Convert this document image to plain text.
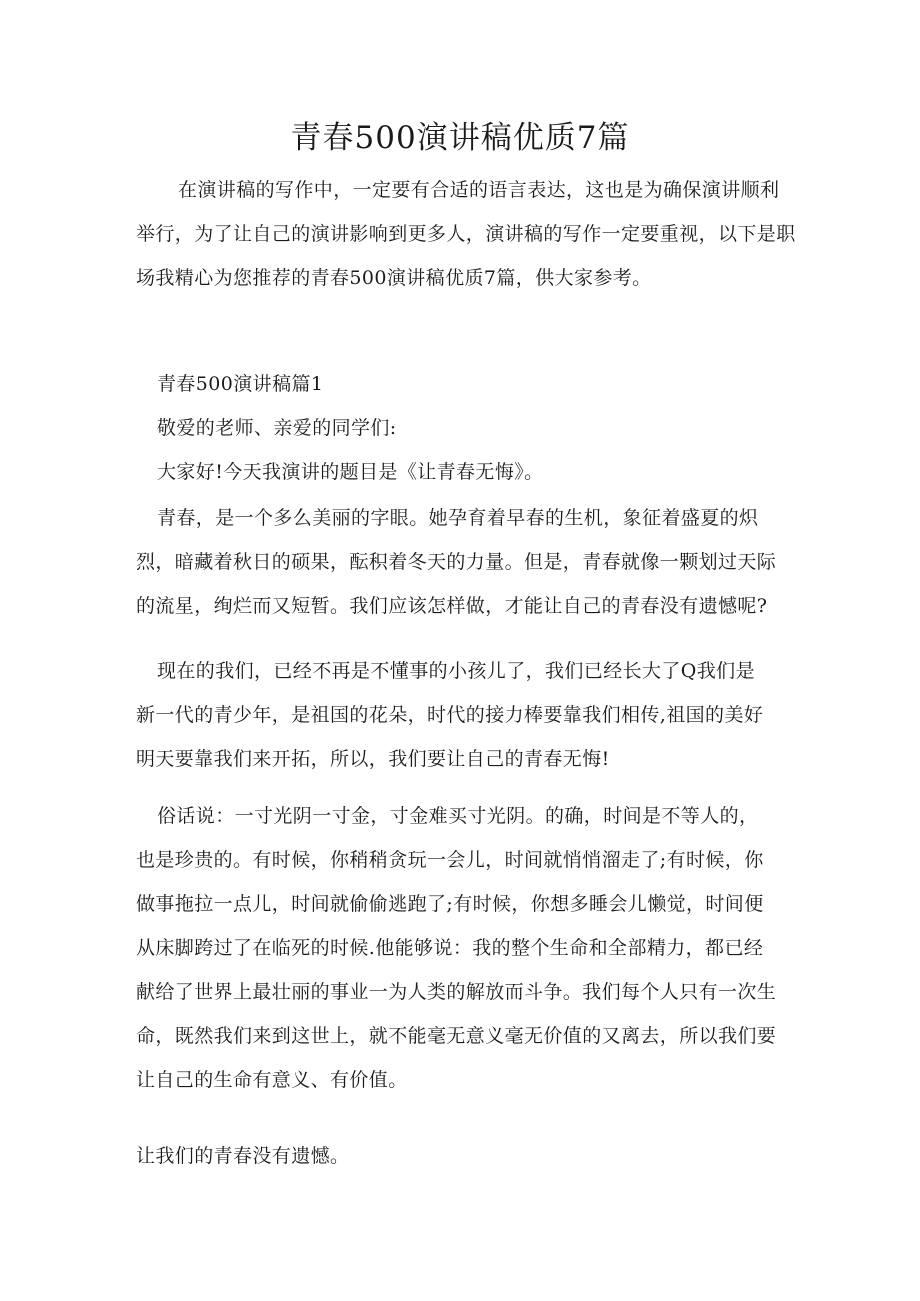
青春500演讲稿优质7篇

在演讲稿的写作中，一定要有合适的语言表达，这也是为确保演讲顺利举行，为了让自己的演讲影响到更多人，演讲稿的写作一定要重视，以下是职场我精心为您推荐的青春500演讲稿优质7篇，供大家参考。

青春500演讲稿篇1

敬爱的老师、亲爱的同学们:

大家好!今天我演讲的题目是《让青春无悔》。

青春，是一个多么美丽的字眼。她孕育着早春的生机，象征着盛夏的炽

烈，暗藏着秋日的硕果，酝积着冬天的力量。但是，青春就像一颗划过天际

的流星，绚烂而又短暂。我们应该怎样做，才能让自己的青春没有遗憾呢?

现在的我们，已经不再是不懂事的小孩儿了，我们已经长大了Q我们是

新一代的青少年，是祖国的花朵，时代的接力棒要靠我们相传,祖国的美好

明天要靠我们来开拓，所以，我们要让自己的青春无悔!

俗话说：一寸光阴一寸金，寸金难买寸光阴。的确，时间是不等人的，

也是珍贵的。有时候，你稍稍贪玩一会儿，时间就悄悄溜走了;有时候，你

做事拖拉一点儿，时间就偷偷逃跑了;有时候，你想多睡会儿懒觉，时间便

从床脚跨过了在临死的时候.他能够说：我的整个生命和全部精力，都已经

献给了世界上最壮丽的事业一为人类的解放而斗争。我们每个人只有一次生

命，既然我们来到这世上，就不能毫无意义毫无价值的又离去，所以我们要

让自己的生命有意义、有价值。

让我们的青春没有遗憾。
